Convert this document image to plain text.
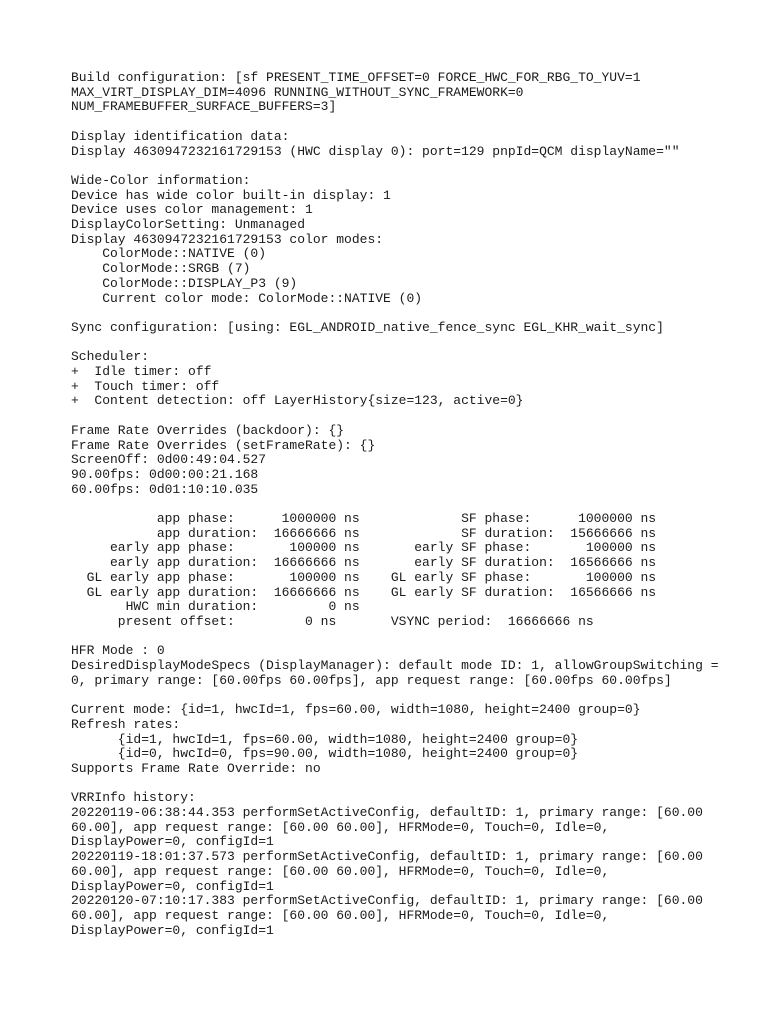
Build configuration: [sf PRESENT_TIME_OFFSET=0 FORCE_HWC_FOR_RBG_TO_YUV=1
MAX_VIRT_DISPLAY_DIM=4096 RUNNING_WITHOUT_SYNC_FRAMEWORK=0
NUM_FRAMEBUFFER_SURFACE_BUFFERS=3]
Display identification data:
Display 4630947232161729153 (HWC display 0): port=129 pnpId=QCM displayName=""
Wide-Color information:
Device has wide color built-in display: 1
Device uses color management: 1
DisplayColorSetting: Unmanaged
Display 4630947232161729153 color modes:
ColorMode::NATIVE (0)
ColorMode::SRGB (7)
ColorMode::DISPLAY_P3 (9)
Current color mode: ColorMode::NATIVE (0)
Sync configuration: [using: EGL_ANDROID_native_fence_sync EGL_KHR_wait_sync]
Scheduler:
+  Idle timer: off
+  Touch timer: off
+  Content detection: off LayerHistory{size=123, active=0}
Frame Rate Overrides (backdoor): {}
Frame Rate Overrides (setFrameRate): {}
ScreenOff: 0d00:49:04.527
90.00fps: 0d00:00:21.168
60.00fps: 0d01:10:10.035
app phase:      1000000 ns             SF phase:      1000000 ns
app duration:  16666666 ns             SF duration:  15666666 ns
early app phase:       100000 ns       early SF phase:       100000 ns
early app duration:  16666666 ns       early SF duration:  16566666 ns
GL early app phase:       100000 ns    GL early SF phase:       100000 ns
GL early app duration:  16666666 ns    GL early SF duration:  16566666 ns
HWC min duration:         0 ns
present offset:         0 ns       VSYNC period:  16666666 ns
HFR Mode : 0
DesiredDisplayModeSpecs (DisplayManager): default mode ID: 1, allowGroupSwitching =
0, primary range: [60.00fps 60.00fps], app request range: [60.00fps 60.00fps]
Current mode: {id=1, hwcId=1, fps=60.00, width=1080, height=2400 group=0}
Refresh rates:
{id=1, hwcId=1, fps=60.00, width=1080, height=2400 group=0}
{id=0, hwcId=0, fps=90.00, width=1080, height=2400 group=0}
Supports Frame Rate Override: no
VRRInfo history:
20220119-06:38:44.353 performSetActiveConfig, defaultID: 1, primary range: [60.00
60.00], app request range: [60.00 60.00], HFRMode=0, Touch=0, Idle=0,
DisplayPower=0, configId=1
20220119-18:01:37.573 performSetActiveConfig, defaultID: 1, primary range: [60.00
60.00], app request range: [60.00 60.00], HFRMode=0, Touch=0, Idle=0,
DisplayPower=0, configId=1
20220120-07:10:17.383 performSetActiveConfig, defaultID: 1, primary range: [60.00
60.00], app request range: [60.00 60.00], HFRMode=0, Touch=0, Idle=0,
DisplayPower=0, configId=1
